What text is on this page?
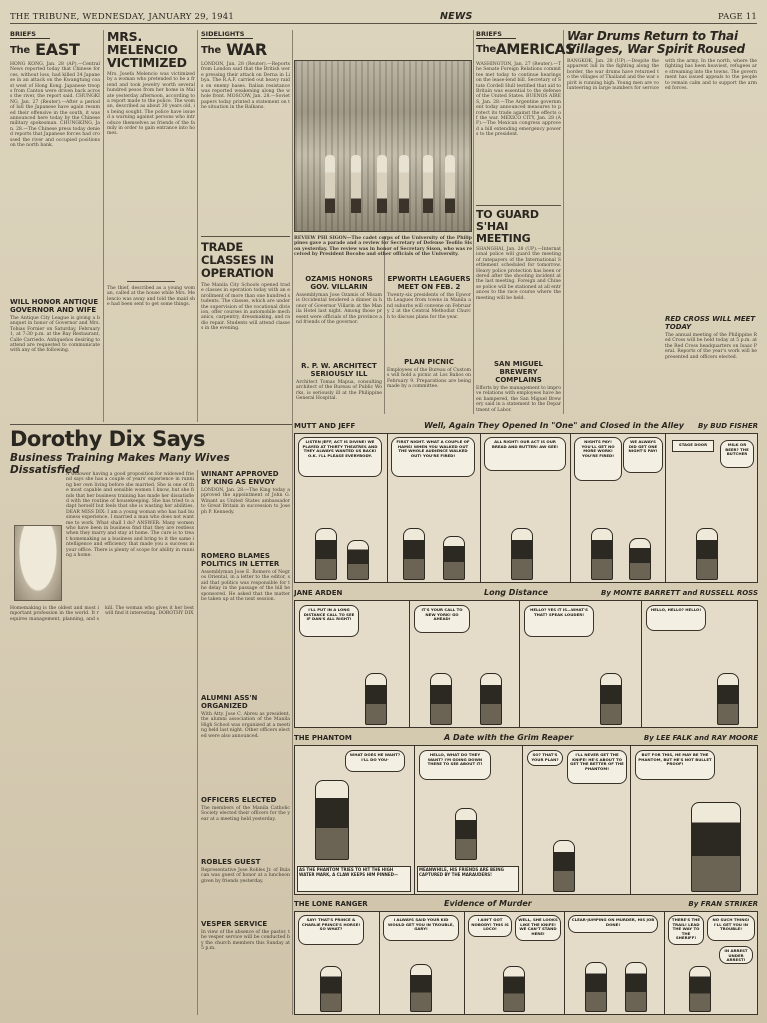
THE TRIBUNE, WEDNESDAY, JANUARY 29, 1941	NEWS	PAGE 11
BRIEFS
The EAST
HONG KONG, Jan. 28 (AP).—Central News reported today that Chinese forces, without loss, had killed 34 Japanese in an attack on the Kwangtung coast west of Hong Kong. Japanese troops from Canton were driven back across the river, the report said. CHUNGKING, Jan. 27 (Reuter).—After a period of lull the Japanese have again resumed their offensive in the south, it was announced here today by the Chinese military spokesman. CHUNGKING, Jan. 28.—The Chinese press today denied reports that Japanese forces had crossed the river and occupied positions on the north bank.
WILL HONOR ANTIQUE GOVERNOR AND WIFE
The Antique City League is giving a banquet in honor of Governor and Mrs. Tobias Fornier on Saturday, February 1, at 7:30 p.m. at the Bay Restaurant, Calle Carriedo. Antiqueños desiring to attend are requested to communicate with any of the following.
MRS. MELENCIO VICTIMIZED
Mrs. Josefa Melencio was victimized by a woman who pretended to be a friend and took jewelry worth several hundred pesos from her home in Malate yesterday afternoon, according to a report made to the police. The woman, described as about 30 years old, is being sought. The police have issued a warning against persons who introduce themselves as friends of the family in order to gain entrance into homes.
The thief, described as a young woman, called at the house while Mrs. Melencio was away and told the maid she had been sent to get some things.
SIDELIGHTS
The WAR
LONDON, Jan. 28 (Reuter).—Reports from London said that the British were pressing their attack on Derna in Libya. The R.A.F. carried out heavy raids on enemy bases. Italian resistance was reported weakening along the whole front. MOSCOW, Jan. 28.—Soviet papers today printed a statement on the situation in the Balkans.
TRADE CLASSES IN OPERATION
The Manila City Schools opened trade classes in operation today with an enrollment of more than one hundred students. The classes, which are under the supervision of the vocational division, offer courses in automobile mechanics, carpentry, dressmaking, and radio repair. Students will attend classes in the evening.
REVIEW PHI SIGON—The cadet corps of the University of the Philippines gave a parade and a review for Secretary of Defense Teofilo Sison yesterday. The review was in honor of Secretary Sison, who was received by President Bocobo and other officials of the University.
OZAMIS HONORS GOV. VILLARIN
Assemblyman Jose Ozamis of Misamis Occidental tendered a dinner in honor of Governor Villarin at the Manila Hotel last night. Among those present were officials of the province and friends of the governor.
R. P. W. ARCHITECT SERIOUSLY ILL
Architect Tomas Mapua, consulting architect of the Bureau of Public Works, is seriously ill at the Philippine General Hospital.
EPWORTH LEAGUERS MEET ON FEB. 2
Twenty-six presidents of the Epworth Leagues from towns in Manila and suburbs will convene on February 2 at the Central Methodist Church to discuss plans for the year.
PLAN PICNIC
Employees of the Bureau of Customs will hold a picnic at Los Baños on February 9. Preparations are being made by a committee.
BRIEFS
TheAMERICAS
WASHINGTON, Jan. 27 (Reuter).—The Senate Foreign Relations committee met today to continue hearings on the lease-lend bill. Secretary of State Cordell Hull testified that aid to Britain was essential to the defense of the United States. BUENOS AIRES, Jan. 28.—The Argentine government today announced measures to protect its trade against the effects of the war. MEXICO CITY, Jan. 28 (AP).—The Mexican congress approved a bill extending emergency powers to the president.
TO GUARD S'HAI MEETING
SHANGHAI, Jan. 28 (UP).—International police will guard the meeting of ratepayers of the International Settlement scheduled for tomorrow. Heavy police protection has been ordered after the shooting incident at the last meeting. Foreign and Chinese police will be stationed at all entrances to the race course where the meeting will be held.
SAN MIGUEL BREWERY COMPLAINS
Efforts by the management to improve relations with employees have been hampered, the San Miguel Brewery said in a statement to the Department of Labor.
War Drums Return to Thai Villages, War Spirit Roused
BANGKOK, Jan. 28 (UP).—Despite the apparent lull in the fighting along the border, the war drums have returned to the villages of Thailand and the war spirit is running high. Young men are volunteering in large numbers for service with the army. In the north, where the fighting has been heaviest, refugees are streaming into the towns. The government has issued appeals to the people to remain calm and to support the armed forces.
RED CROSS WILL MEET TODAY
The annual meeting of the Philippine Red Cross will be held today at 5 p.m. at the Red Cross headquarters on Isaac Peral. Reports of the year's work will be presented and officers elected.
Dorothy Dix Says
Business Training Makes Many Wives Dissatisfied
A widower having a good proposition for widowed friend says she has a couple of years' experience in running her own living before she married. She is one of the most capable and sensible women I know, but she finds that her business training has made her dissatisfied with the routine of housekeeping. She has tried to adapt herself but feels that she is wasting her abilities. DEAR MISS DIX: I am a young woman who has had business experience. I married a man who does not want me to work. What shall I do? ANSWER: Many women who have been in business find that they are restless when they marry and stay at home. The cure is to treat homemaking as a business and bring to it the same intelligence and efficiency that made you a success in your office. There is plenty of scope for ability in running a home.
Homemaking is the oldest and most important profession in the world. It requires management, planning, and skill. The woman who gives it her best will find it interesting. DOROTHY DIX
WINANT APPROVED BY KING AS ENVOY
LONDON, Jan. 28.—The King today approved the appointment of John G. Winant as United States ambassador to Great Britain in succession to Joseph P. Kennedy.
ROMERO BLAMES POLITICS IN LETTER
Assemblyman Jose E. Romero of Negros Oriental, in a letter to the editor, said that politics was responsible for the delay in the passage of the bill he sponsored. He asked that the matter be taken up at the next session.
ALUMNI ASS'N ORGANIZED
With Atty. Jose C. Abreu as president, the alumni association of the Manila High School was organized at a meeting held last night. Other officers elected were also announced.
OFFICERS ELECTED
The members of the Manila Catholic Society elected their officers for the year at a meeting held yesterday.
ROBLES GUEST
Representative Jose Robles Jr. of Bulacan was guest of honor at a luncheon given by friends yesterday.
VESPER SERVICE
In view of the absence of the pastor, the vesper service will be conducted by the church members this Sunday at 5 p.m.
MUTT AND JEFF	Well, Again They Opened In "One" and Closed in the Alley By BUD FISHER
LISTEN JEFF, ACT IS DIVINE! WE PLAYED AT THIRTY THEATRES AND THEY ALWAYS WANTED US BACK! O.K. I'LL PLEASE EVERYBODY.
FIRST NIGHT. WHAT A COUPLE OF HAMS! WHEN YOU WALKED OUT THE WHOLE AUDIENCE WALKED OUT! YOU'RE FIRED!
ALL RIGHT! OUR ACT IS OUR BREAD AND BUTTER! AW GEE!
NIGHTS PAY! YOU'LL GET NO MORE WORK! YOU'RE FIRED!
WE ALWAYS DID GET ONE NIGHT'S PAY!
STAGE DOOR	MILK OR BEER? THE BUTCHER
JANE ARDEN	Long Distance	By MONTE BARRETT and RUSSELL ROSS
I'LL PUT IN A LONG DISTANCE CALL TO SEE IF DAN'S ALL RIGHT!
IT'S YOUR CALL TO NEW YORK! GO AHEAD!
HELLO? YES IT IS—WHAT'S THAT? SPEAK LOUDER!
HELLO, HELLO? HELLO!
THE PHANTOM	A Date with the Grim Reaper	By LEE FALK and RAY MOORE
WHAT DOES HE WANT? I'LL DO YOU-
AS THE PHANTOM TRIES TO HIT THE HIGH WATER MARK, A CLAW KEEPS HIM PINNED—
HELLO, WHAT DO THEY WANT? I'M GOING DOWN THERE TO SEE ABOUT IT!
MEANWHILE, HIS FRIENDS ARE BEING CAPTURED BY THE MARAUDERS!
SO? THAT'S YOUR PLAN?
I'LL NEVER GET THE KNIFE! HE'S ABOUT TO GET THE BETTER OF THE PHANTOM!
BUT FOR THIS, HE MAY BE THE PHANTOM, BUT HE'S NOT BULLET PROOF!
THE LONE RANGER	Evidence of Murder	By FRAN STRIKER
SAY! THAT'S PRINCE & CHARLIE PRINCE'S HORSE! SO WHAT?
I ALWAYS SAID YOUR KID WOULD GET YOU IN TROUBLE, GARY!
I AIN'T GOT NOBODY! THIS IS LOCO!
WELL, SHE LOOKS LIKE THE KNIFE! WE CAN'T STAND HERE!
CLEAR-JUMPING ON MURDER, HIS JOB DONE!
THERE'S THE TRAIL! LEAD THE WAY TO THE SHERIFF!
NO SUCH THING! I'LL GET YOU IN TROUBLE!
IN ARREST UNDER ARREST!
